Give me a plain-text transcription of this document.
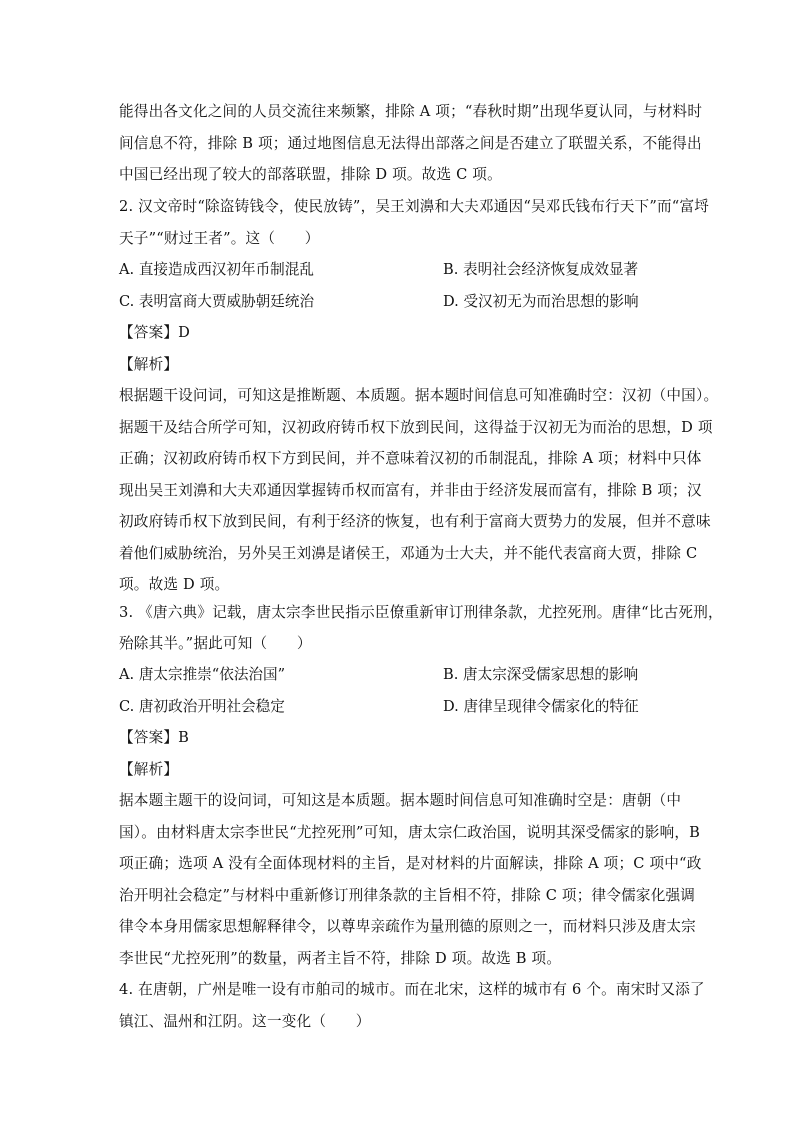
能得出各文化之间的人员交流往来频繁，排除 A 项；“春秋时期”出现华夏认同，与材料时
间信息不符，排除 B 项；通过地图信息无法得出部落之间是否建立了联盟关系，不能得出
中国已经出现了较大的部落联盟，排除 D 项。故选 C 项。
2. 汉文帝时“除盗铸钱令，使民放铸”，吴王刘濞和大夫邓通因“吴邓氏钱布行天下”而“富埒
天子”“财过王者”。这（　　）
A. 直接造成西汉初年币制混乱	B. 表明社会经济恢复成效显著
C. 表明富商大贾威胁朝廷统治	D. 受汉初无为而治思想的影响
【答案】D
【解析】
根据题干设问词，可知这是推断题、本质题。据本题时间信息可知准确时空：汉初（中国）。
据题干及结合所学可知，汉初政府铸币权下放到民间，这得益于汉初无为而治的思想，D 项
正确；汉初政府铸币权下方到民间，并不意味着汉初的币制混乱，排除 A 项；材料中只体
现出吴王刘濞和大夫邓通因掌握铸币权而富有，并非由于经济发展而富有，排除 B 项；汉
初政府铸币权下放到民间，有利于经济的恢复，也有利于富商大贾势力的发展，但并不意味
着他们威胁统治，另外吴王刘濞是诸侯王，邓通为士大夫，并不能代表富商大贾，排除 C
项。故选 D 项。
3. 《唐六典》记载，唐太宗李世民指示臣僚重新审订刑律条款，尤控死刑。唐律“比古死刑，
殆除其半。”据此可知（　　）
A. 唐太宗推崇“依法治国”	B. 唐太宗深受儒家思想的影响
C. 唐初政治开明社会稳定	D. 唐律呈现律令儒家化的特征
【答案】B
【解析】
据本题主题干的设问词，可知这是本质题。据本题时间信息可知准确时空是：唐朝（中
国）。由材料唐太宗李世民“尤控死刑”可知，唐太宗仁政治国，说明其深受儒家的影响，B
项正确；选项 A 没有全面体现材料的主旨，是对材料的片面解读，排除 A 项；C 项中“政
治开明社会稳定”与材料中重新修订刑律条款的主旨相不符，排除 C 项；律令儒家化强调
律令本身用儒家思想解释律令，以尊卑亲疏作为量刑德的原则之一，而材料只涉及唐太宗
李世民“尤控死刑”的数量，两者主旨不符，排除 D 项。故选 B 项。
4. 在唐朝，广州是唯一设有市舶司的城市。而在北宋，这样的城市有 6 个。南宋时又添了
镇江、温州和江阴。这一变化（　　）
